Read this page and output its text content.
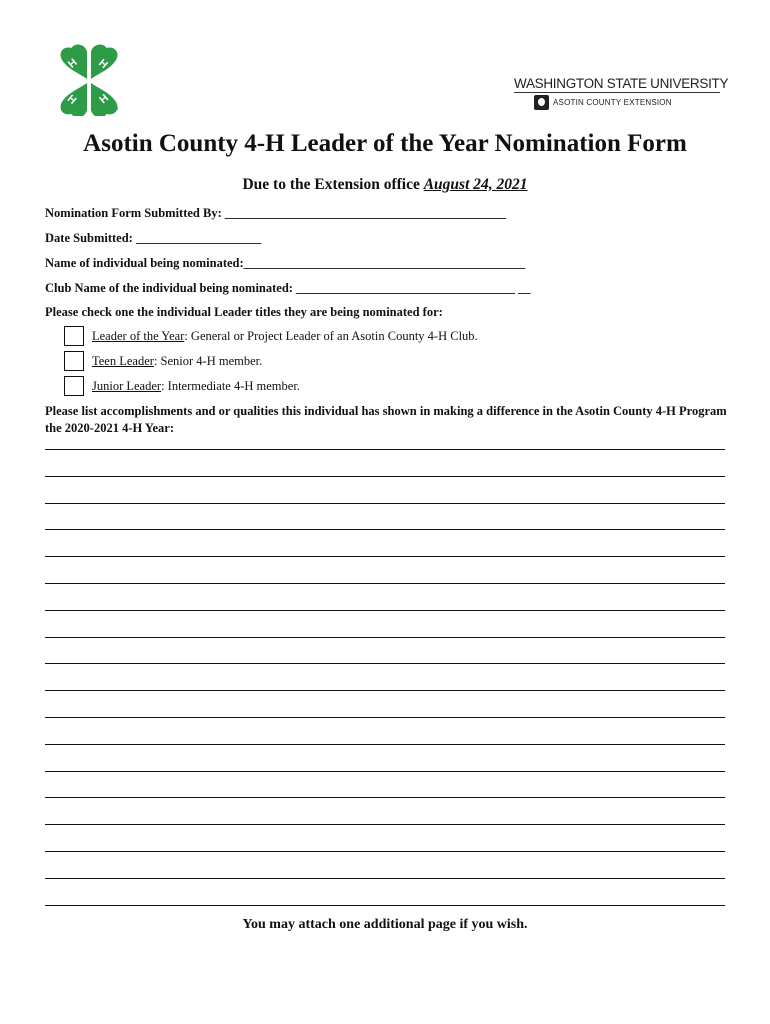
H H
H H
WASHINGTON STATE UNIVERSITY
ASOTIN COUNTY EXTENSION
Asotin County 4-H Leader of the Year Nomination Form
Due to the Extension office August 24, 2021
Nomination Form Submitted By: _____________________________________________
Date Submitted: ____________________
Name of individual being nominated:_____________________________________________
Club Name of the individual being nominated: ___________________________________ __
Please check one the individual Leader titles they are being nominated for:
Leader of the Year : General or Project Leader of an Asotin County 4-H Club.
Teen Leader : Senior 4-H member.
Junior Leader : Intermediate 4-H member.
Please list accomplishments and or qualities this individual has shown in making a difference in the Asotin County 4-H Program the 2020-2021 4-H Year:
You may attach one additional page if you wish.
